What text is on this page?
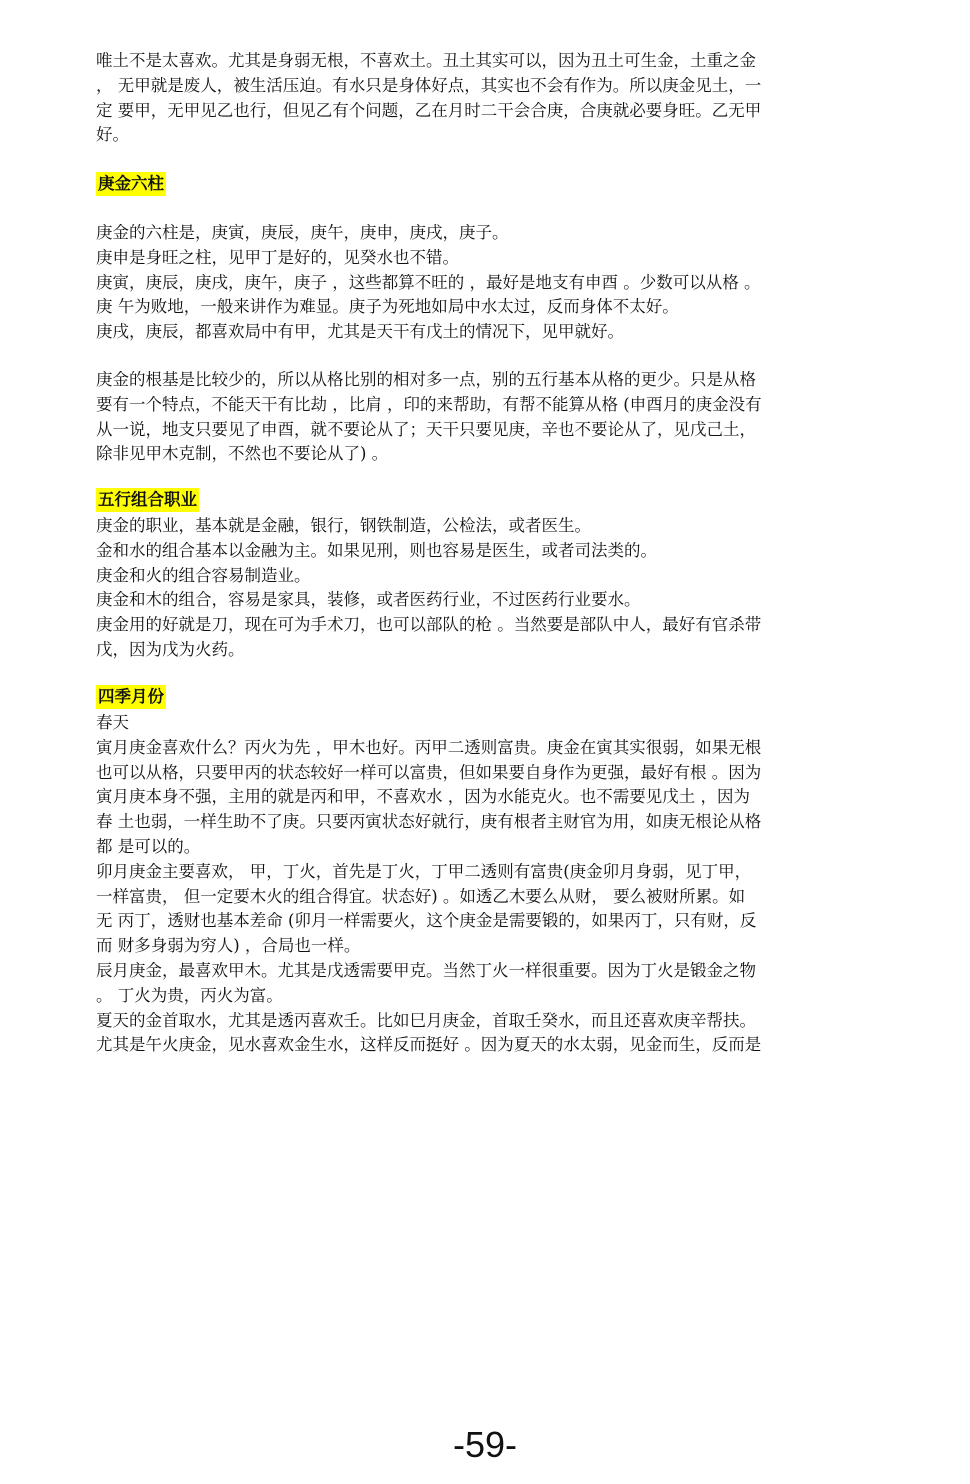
唯土不是太喜欢。尤其是身弱无根，不喜欢土。丑土其实可以，因为丑土可生金，土重之金
， 无甲就是废人，被生活压迫。有水只是身体好点，其实也不会有作为。所以庚金见土，一
定 要甲，无甲见乙也行，但见乙有个问题，乙在月时二干会合庚，合庚就必要身旺。乙无甲
好。
庚金六柱
庚金的六柱是，庚寅，庚辰，庚午，庚申，庚戌，庚子。
庚申是身旺之柱，见甲丁是好的，见癸水也不错。
庚寅，庚辰，庚戌，庚午，庚子 ，这些都算不旺的 ，最好是地支有申酉 。少数可以从格 。
庚 午为败地，一般来讲作为难显。庚子为死地如局中水太过，反而身体不太好。
庚戌，庚辰，都喜欢局中有甲，尤其是天干有戊土的情况下，见甲就好。
庚金的根基是比较少的，所以从格比别的相对多一点，别的五行基本从格的更少。只是从格
要有一个特点，不能天干有比劫 ，比肩 ，印的来帮助，有帮不能算从格 (申酉月的庚金没有
从一说，地支只要见了申酉，就不要论从了；天干只要见庚，辛也不要论从了，见戊己土，
除非见甲木克制，不然也不要论从了) 。
五行组合职业
庚金的职业，基本就是金融，银行，钢铁制造，公检法，或者医生。
金和水的组合基本以金融为主。如果见刑，则也容易是医生，或者司法类的。
庚金和火的组合容易制造业。
庚金和木的组合，容易是家具，装修，或者医药行业，不过医药行业要水。
庚金用的好就是刀，现在可为手术刀，也可以部队的枪 。当然要是部队中人，最好有官杀带
戊，因为戊为火药。
四季月份
春天
寅月庚金喜欢什么？丙火为先 ，甲木也好。丙甲二透则富贵。庚金在寅其实很弱，如果无根
也可以从格，只要甲丙的状态较好一样可以富贵，但如果要自身作为更强，最好有根 。因为
寅月庚本身不强，主用的就是丙和甲，不喜欢水 ，因为水能克火。也不需要见戊土 ，因为
春 土也弱，一样生助不了庚。只要丙寅状态好就行，庚有根者主财官为用，如庚无根论从格
都 是可以的。
卯月庚金主要喜欢， 甲，丁火，首先是丁火，丁甲二透则有富贵(庚金卯月身弱，见丁甲，
一样富贵， 但一定要木火的组合得宜。状态好) 。如透乙木要么从财， 要么被财所累。如
无 丙丁，透财也基本差命 (卯月一样需要火，这个庚金是需要锻的，如果丙丁，只有财，反
而 财多身弱为穷人) ，合局也一样。
辰月庚金，最喜欢甲木。尤其是戊透需要甲克。当然丁火一样很重要。因为丁火是锻金之物
。 丁火为贵，丙火为富。
夏天的金首取水，尤其是透丙喜欢壬。比如巳月庚金，首取壬癸水，而且还喜欢庚辛帮扶。
尤其是午火庚金，见水喜欢金生水，这样反而挺好 。因为夏天的水太弱，见金而生，反而是
-59-
